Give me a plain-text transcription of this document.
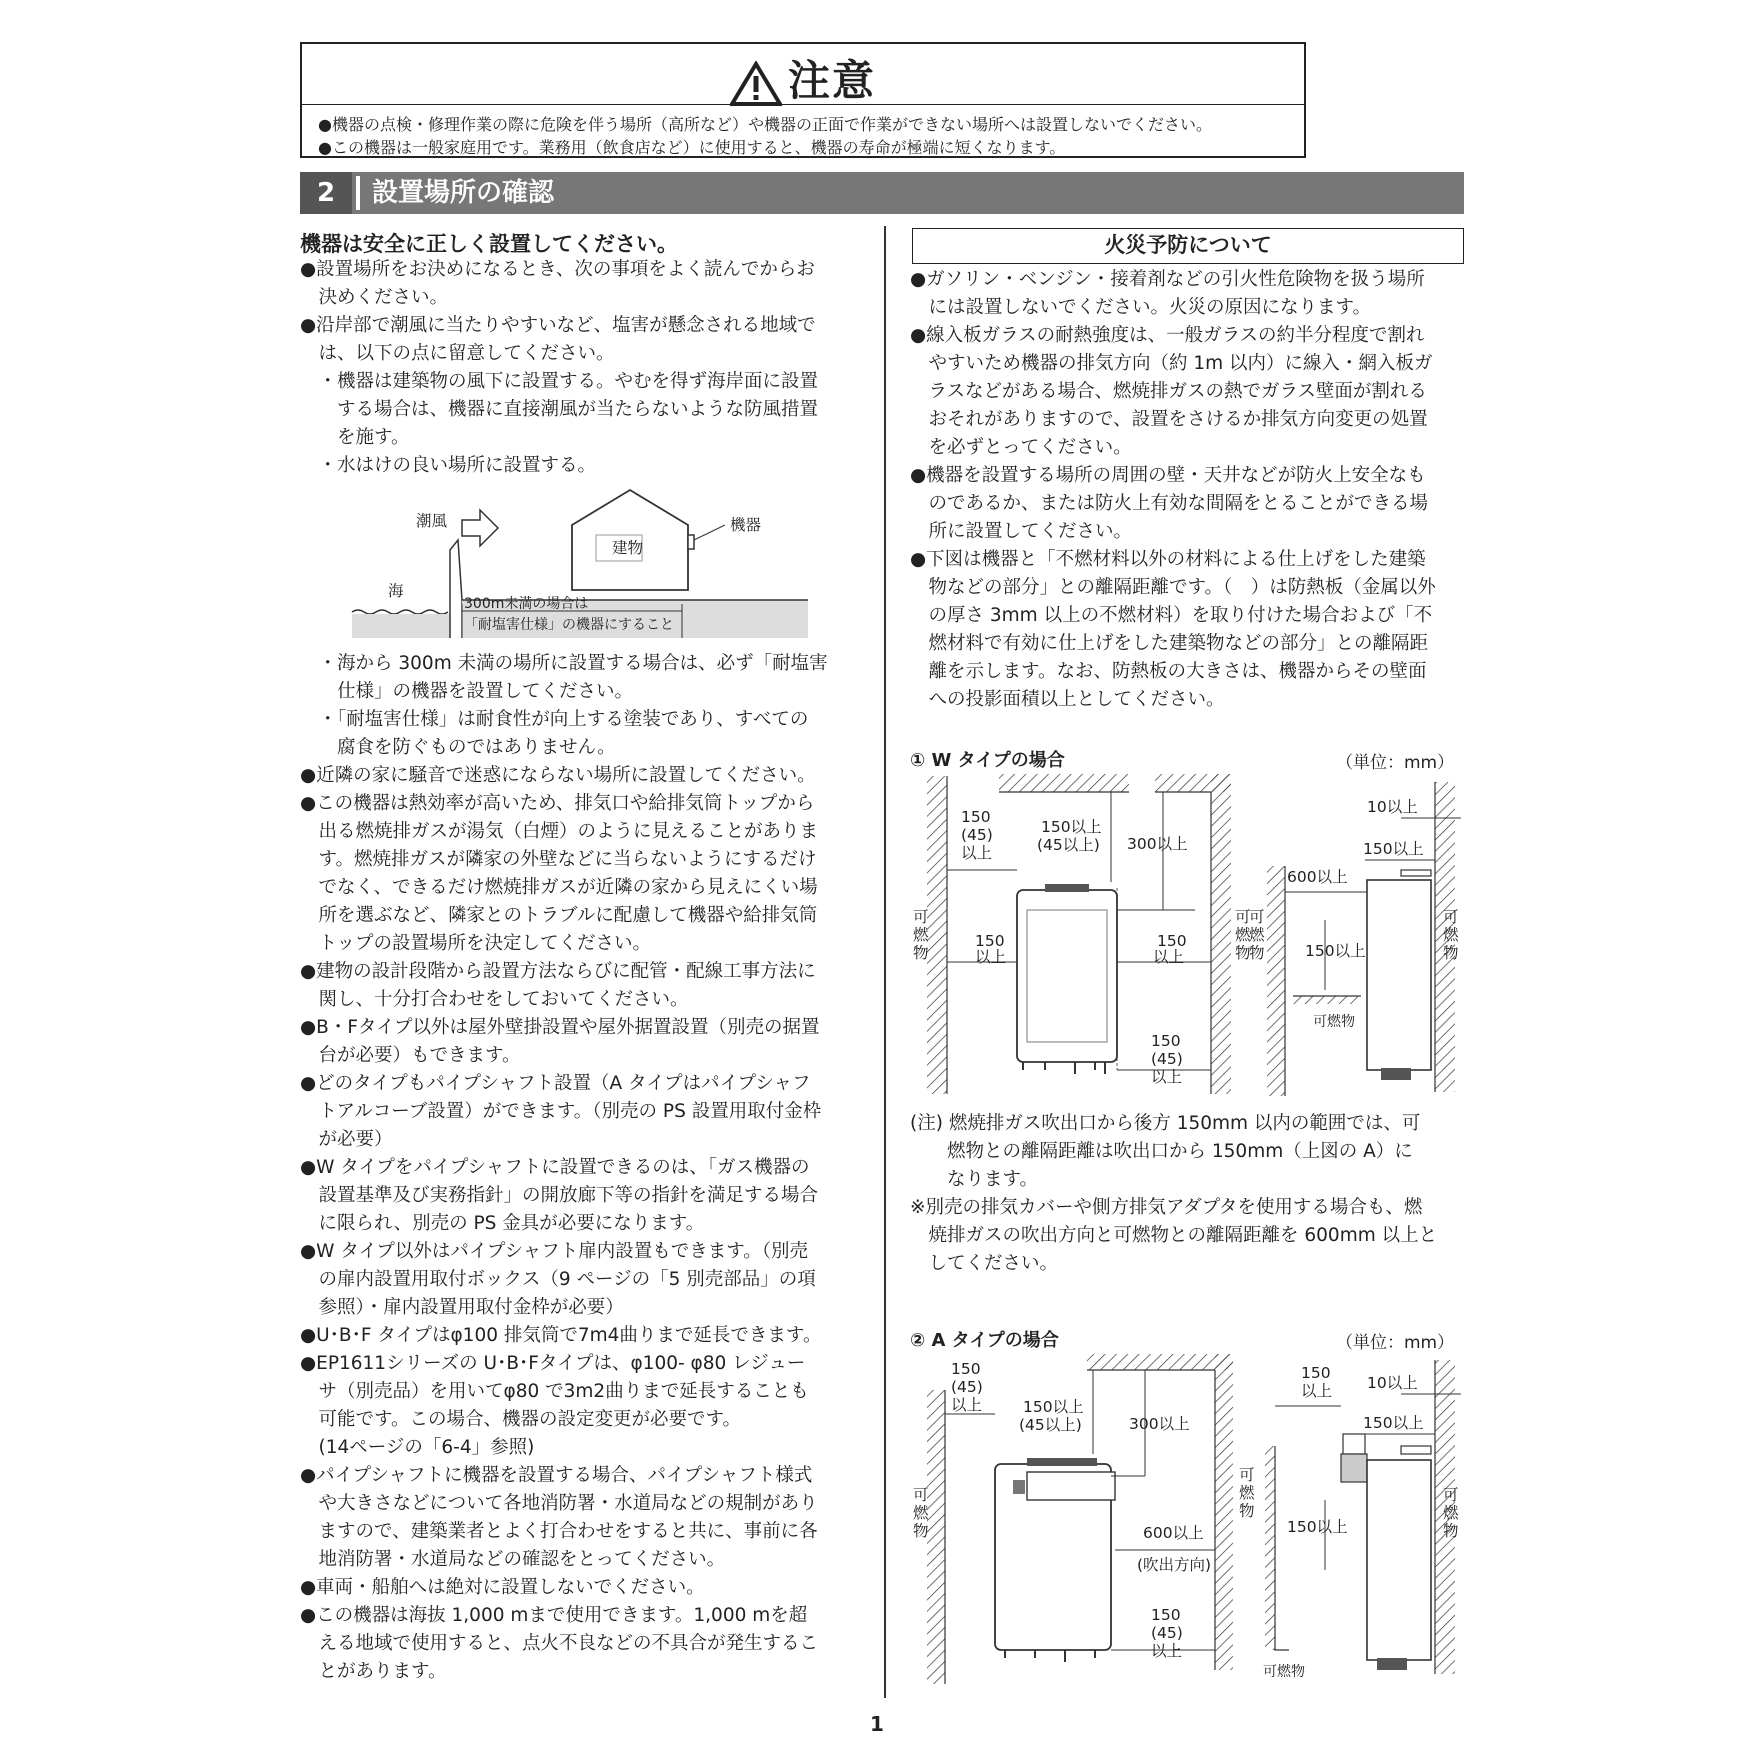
注意
●機器の点検・修理作業の際に危険を伴う場所（高所など）や機器の正面で作業ができない場所へは設置しないでください。
●この機器は一般家庭用です。業務用（飲食店など）に使用すると、機器の寿命が極端に短くなります。
2	設置場所の確認
機器は安全に正しく設置してください。
●設置場所をお決めになるとき、次の事項をよく読んでからお
　決めください。
●沿岸部で潮風に当たりやすいなど、塩害が懸念される地域で
　は、以下の点に留意してください。
　・機器は建築物の風下に設置する。やむを得ず海岸面に設置
　　する場合は、機器に直接潮風が当たらないような防風措置
　　を施す。
　・水はけの良い場所に設置する。
潮風	機器
建物
海
300m未満の場合は
「耐塩害仕様」の機器にすること
　・海から 300m 未満の場所に設置する場合は、必ず「耐塩害
　　仕様」の機器を設置してください。
　・「耐塩害仕様」は耐食性が向上する塗装であり、すべての
　　腐食を防ぐものではありません。
●近隣の家に騒音で迷惑にならない場所に設置してください。
●この機器は熱効率が高いため、排気口や給排気筒トップから
　出る燃焼排ガスが湯気（白煙）のように見えることがありま
　す。燃焼排ガスが隣家の外壁などに当らないようにするだけ
　でなく、できるだけ燃焼排ガスが近隣の家から見えにくい場
　所を選ぶなど、隣家とのトラブルに配慮して機器や給排気筒
　トップの設置場所を決定してください。
●建物の設計段階から設置方法ならびに配管・配線工事方法に
　関し、十分打合わせをしておいてください。
●B・Fタイプ以外は屋外壁掛設置や屋外据置設置（別売の据置
　台が必要）もできます。
●どのタイプもパイプシャフト設置（A タイプはパイプシャフ
　トアルコーブ設置）ができます。（別売の PS 設置用取付金枠
　が必要）
●W タイプをパイプシャフトに設置できるのは、「ガス機器の
　設置基準及び実務指針」の開放廊下等の指針を満足する場合
　に限られ、別売の PS 金具が必要になります。
●W タイプ以外はパイプシャフト扉内設置もできます。（別売
　の扉内設置用取付ボックス（9 ページの「5 別売部品」の項
　参照）・扉内設置用取付金枠が必要）
●U･B･F タイプはφ100 排気筒で7m4曲りまで延長できます。
●EP1611シリーズの U･B･Fタイプは、φ100- φ80 レジュー
　サ（別売品）を用いてφ80 で3m2曲りまで延長することも
　可能です。この場合、機器の設定変更が必要です。
　(14ページの「6-4」参照)
●パイプシャフトに機器を設置する場合、パイプシャフト様式
　や大きさなどについて各地消防署・水道局などの規制があり
　ますので、建築業者とよく打合わせをすると共に、事前に各
　地消防署・水道局などの確認をとってください。
●車両・船舶へは絶対に設置しないでください。
●この機器は海抜 1,000 mまで使用できます。1,000 mを超
　える地域で使用すると、点火不良などの不具合が発生するこ
　とがあります。
火災予防について
●ガソリン・ベンジン・接着剤などの引火性危険物を扱う場所
　には設置しないでください。火災の原因になります。
●線入板ガラスの耐熱強度は、一般ガラスの約半分程度で割れ
　やすいため機器の排気方向（約 1m 以内）に線入・網入板ガ
　ラスなどがある場合、燃焼排ガスの熱でガラス壁面が割れる
　おそれがありますので、設置をさけるか排気方向変更の処置
　を必ずとってください。
●機器を設置する場所の周囲の壁・天井などが防火上安全なも
　のであるか、または防火上有効な間隔をとることができる場
　所に設置してください。
●下図は機器と「不燃材料以外の材料による仕上げをした建築
　物などの部分」との離隔距離です。（　）は防熱板（金属以外
　の厚さ 3mm 以上の不燃材料）を取り付けた場合および「不
　燃材料で有効に仕上げをした建築物などの部分」との離隔距
　離を示します。なお、防熱板の大きさは、機器からその壁面
　への投影面積以上としてください。
① W タイプの場合	（単位：mm）
150
(45)
以上
150以上
(45以上) 300以上
150
以上
150
以上
150
(45)
以上
可
燃
物
可
燃
物
10以上
150以上
600以上
150以上
可燃物
可
燃
物
可
燃
物
(注) 燃焼排ガス吹出口から後方 150mm 以内の範囲では、可
　　燃物との離隔距離は吹出口から 150mm（上図の A）に
　　なります。
※別売の排気カバーや側方排気アダプタを使用する場合も、燃
　焼排ガスの吹出方向と可燃物との離隔距離を 600mm 以上と
　してください。
② A タイプの場合	（単位：mm）
150
(45)
以上	150以上
(45以上)	300以上
600以上
(吹出方向)
150
(45)
以上
可
燃
物
可
燃
物
150
以上 10以上
150以上
150以上
可燃物
可
燃
物
1
